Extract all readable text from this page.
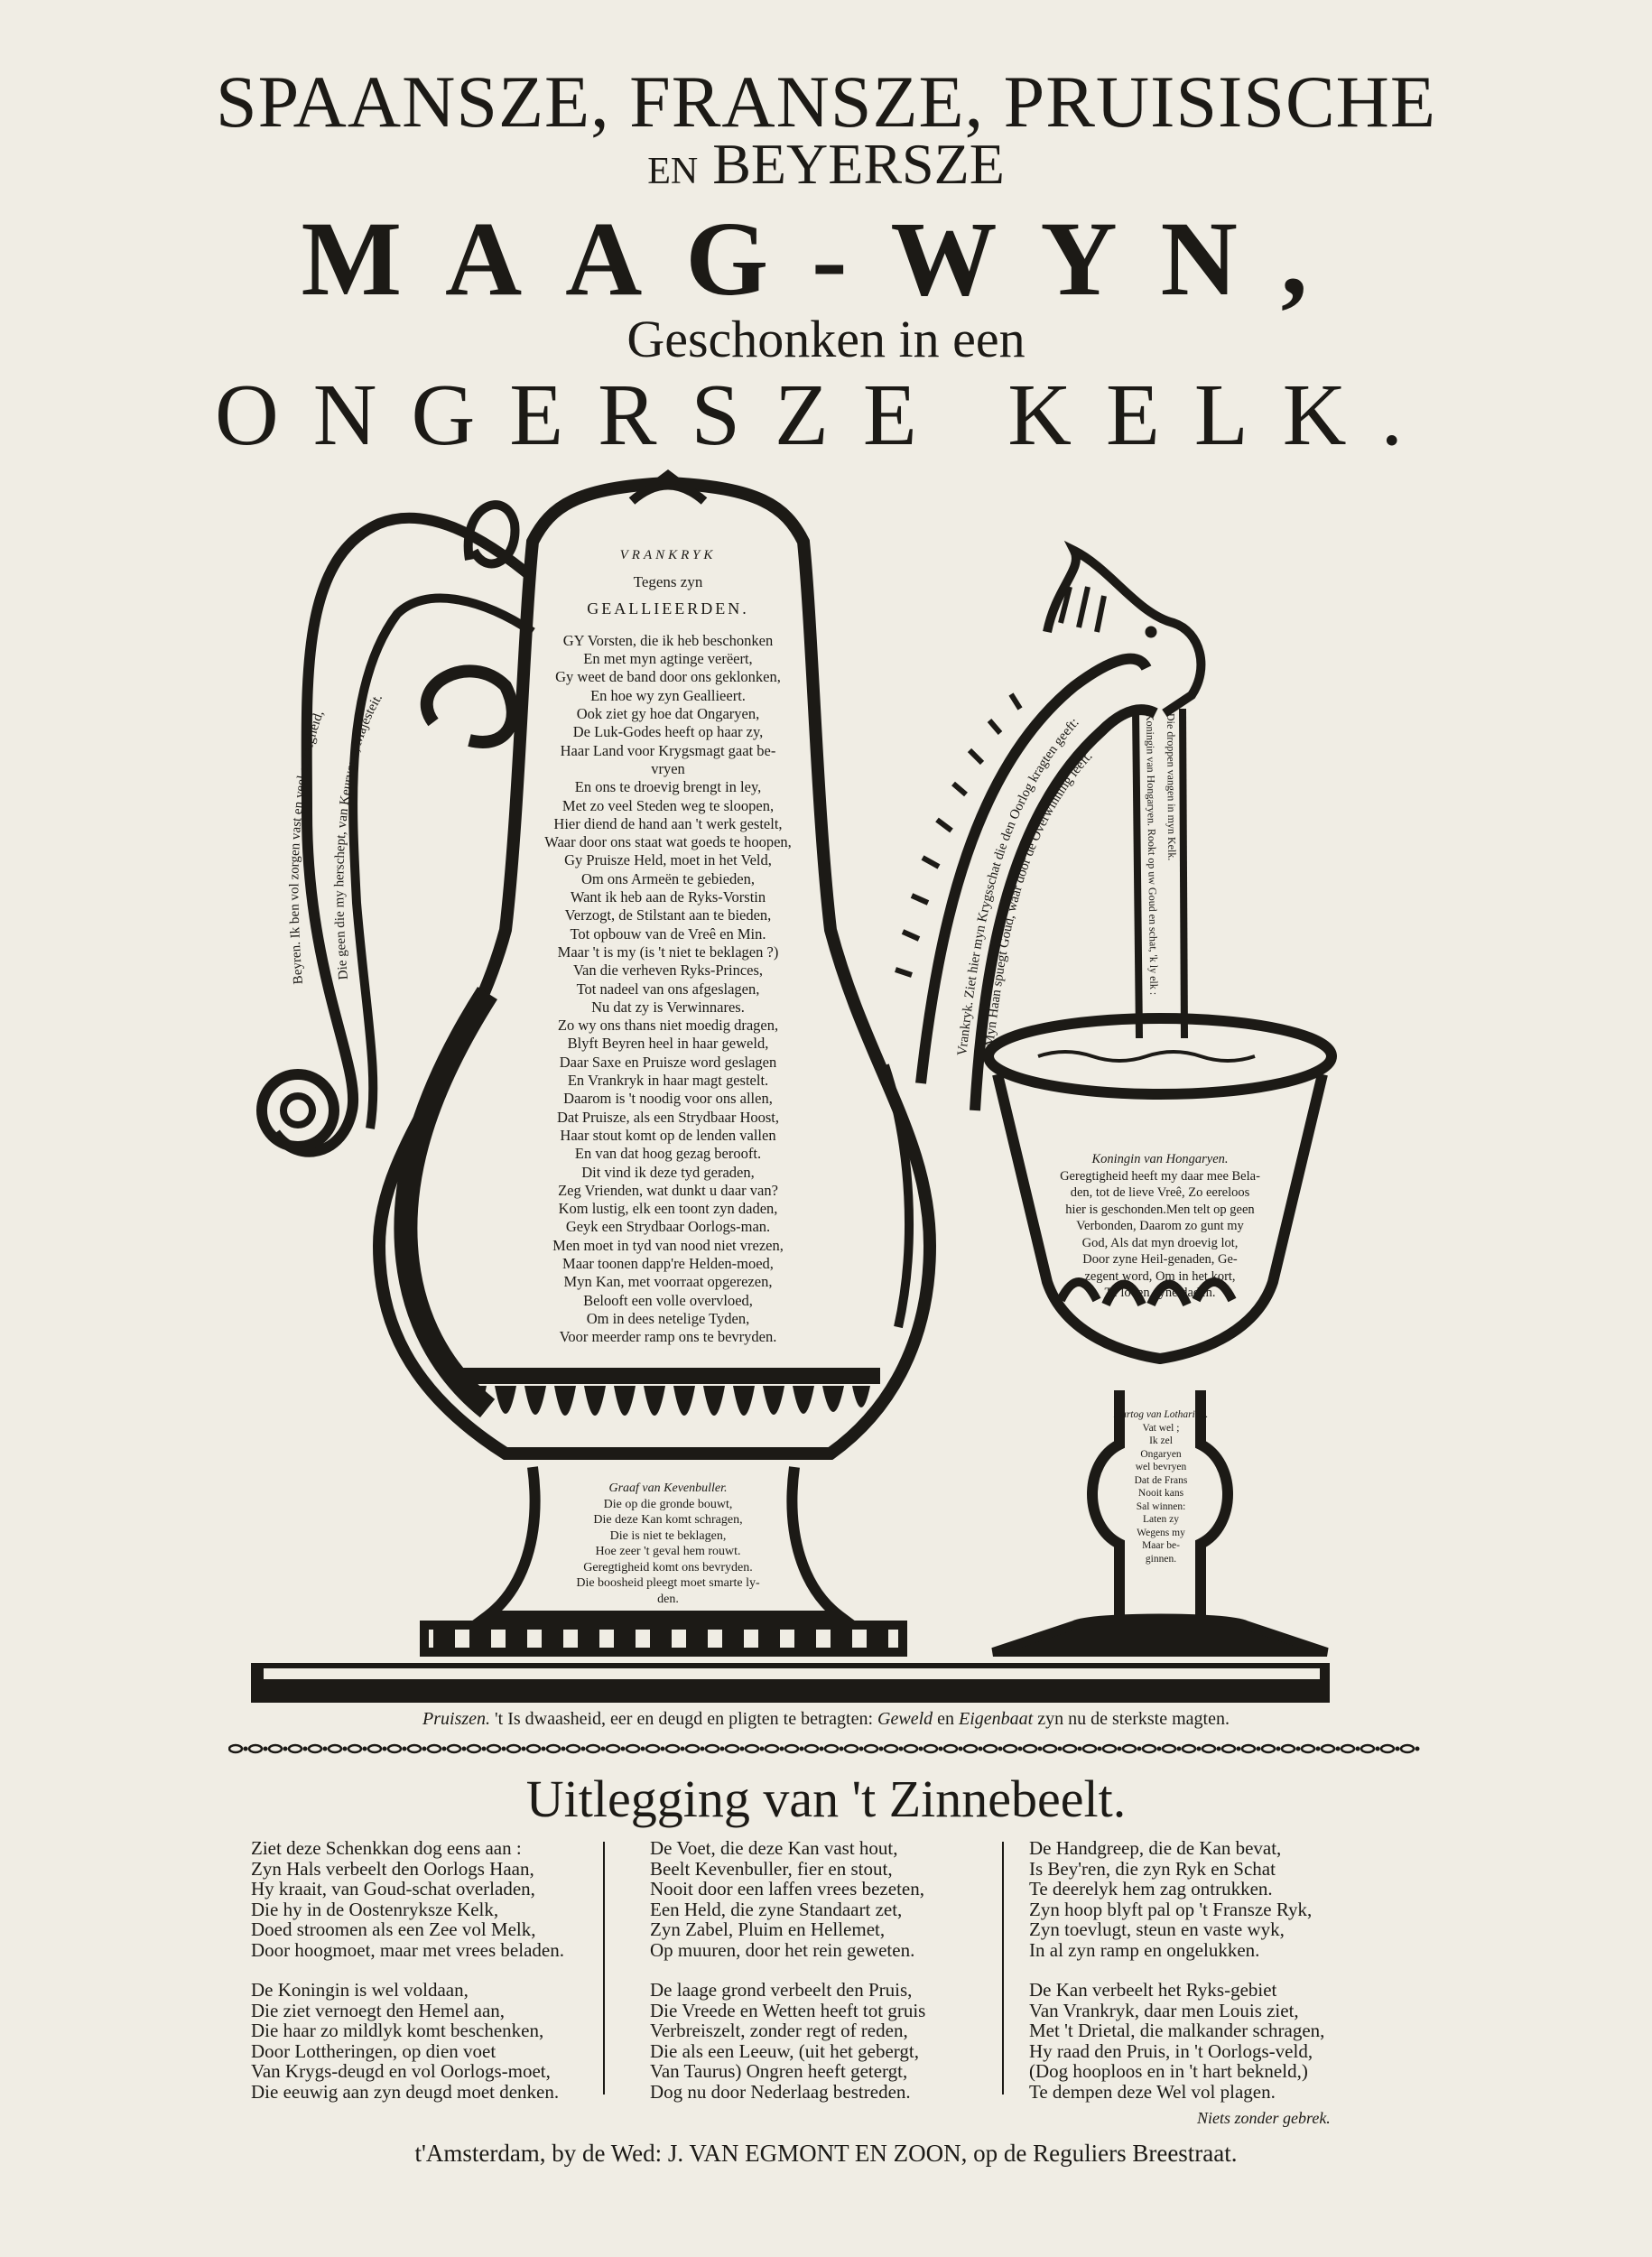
SPAANSZE, FRANSZE, PRUISISCHE
EN BEYERSZE
MAAG-WYN,
Geschonken in een
ONGERSZE KELK.
Beyren. Ik ben vol zorgen vast en veel onzeigheid,
Die geen die my herschept, van Keurvorst, Majesteit.
Vrankryk. Ziet hier myn Krygsschat die den Oorlog kragten geeft:
Myn Haan spuegt Goud, waar door de Overwinning leeft.
Koningin van Hongaryen. Rookt op uw Goud en schat, 'k ly elk :
Die droppen vangen in myn Kelk.
VRANKRYK
Tegens zyn
GEALLIEERDEN.
GY Vorsten, die ik heb beschonken
En met myn agtinge verëert,
Gy weet de band door ons geklonken,
En hoe wy zyn Geallieert.
Ook ziet gy hoe dat Ongaryen,
De Luk-Godes heeft op haar zy,
Haar Land voor Krygsmagt gaat be-
vryen
En ons te droevig brengt in ley,
Met zo veel Steden weg te sloopen,
Hier diend de hand aan 't werk gestelt,
Waar door ons staat wat goeds te hoopen,
Gy Pruisze Held, moet in het Veld,
Om ons Armeën te gebieden,
Want ik heb aan de Ryks-Vorstin
Verzogt, de Stilstant aan te bieden,
Tot opbouw van de Vreê en Min.
Maar 't is my (is 't niet te beklagen ?)
Van die verheven Ryks-Princes,
Tot nadeel van ons afgeslagen,
Nu dat zy is Verwinnares.
Zo wy ons thans niet moedig dragen,
Blyft Beyren heel in haar geweld,
Daar Saxe en Pruisze word geslagen
En Vrankryk in haar magt gestelt.
Daarom is 't noodig voor ons allen,
Dat Pruisze, als een Strydbaar Hoost,
Haar stout komt op de lenden vallen
En van dat hoog gezag berooft.
Dit vind ik deze tyd geraden,
Zeg Vrienden, wat dunkt u daar van?
Kom lustig, elk een toont zyn daden,
Geyk een Strydbaar Oorlogs-man.
Men moet in tyd van nood niet vrezen,
Maar toonen dapp're Helden-moed,
Myn Kan, met voorraat opgerezen,
Belooft een volle overvloed,
Om in dees netelige Tyden,
Voor meerder ramp ons te bevryden.
Koningin van Hongaryen.
Geregtigheid heeft my daar mee Bela-
den, tot de lieve Vreê, Zo eereloos
hier is geschonden.Men telt op geen
Verbonden, Daarom zo gunt my
God, Als dat myn droevig lot,
Door zyne Heil-genaden, Ge-
zegent word, Om in het kort,
Te loven zyne daden.
Hartog van Lotharing.
Vat wel ;
Ik zel
Ongaryen
wel bevryen
Dat de Frans
Nooit kans
Sal winnen:
Laten zy
Wegens my
Maar be-
ginnen.
Graaf van Kevenbuller.
Die op die gronde bouwt,
Die deze Kan komt schragen,
Die is niet te beklagen,
Hoe zeer 't geval hem rouwt.
Geregtigheid komt ons bevryden.
Die boosheid pleegt moet smarte ly-
den.
Pruiszen. 't Is dwaasheid, eer en deugd en pligten te betragten: Geweld en Eigenbaat zyn nu de sterkste magten.
Uitlegging van 't Zinnebeelt.
Ziet deze Schenkkan dog eens aan :
Zyn Hals verbeelt den Oorlogs Haan,
Hy kraait, van Goud-schat overladen,
Die hy in de Oostenrykszе Kelk,
Doed stroomen als een Zee vol Melk,
Door hoogmoet, maar met vrees beladen.
De Koningin is wel voldaan,
Die ziet vernoegt den Hemel aan,
Die haar zo mildlyk komt beschenken,
Door Lottheringen, op dien voet
Van Krygs-deugd en vol Oorlogs-moet,
Die eeuwig aan zyn deugd moet denken.
De Voet, die deze Kan vast hout,
Beelt Kevenbuller, fier en stout,
Nooit door een laffen vrees bezeten,
Een Held, die zyne Standaart zet,
Zyn Zabel, Pluim en Hellemet,
Op muuren, door het rein geweten.
De laage grond verbeelt den Pruis,
Die Vreede en Wetten heeft tot gruis
Verbreiszelt, zonder regt of reden,
Die als een Leeuw, (uit het gebergt,
Van Taurus) Ongren heeft getergt,
Dog nu door Nederlaag bestreden.
De Handgreep, die de Kan bevat,
Is Bey'ren, die zyn Ryk en Schat
Te deerelyk hem zag ontrukken.
Zyn hoop blyft pal op 't Fransze Ryk,
Zyn toevlugt, steun en vaste wyk,
In al zyn ramp en ongelukken.
De Kan verbeelt het Ryks-gebiet
Van Vrankryk, daar men Louis ziet,
Met 't Drietal, die malkander schragen,
Hy raad den Pruis, in 't Oorlogs-veld,
(Dog hooploos en in 't hart bekneld,)
Te dempen deze Wel vol plagen.
Niets zonder gebrek.
t'Amsterdam, by de Wed: J. VAN EGMONT EN ZOON, op de Reguliers Breestraat.
